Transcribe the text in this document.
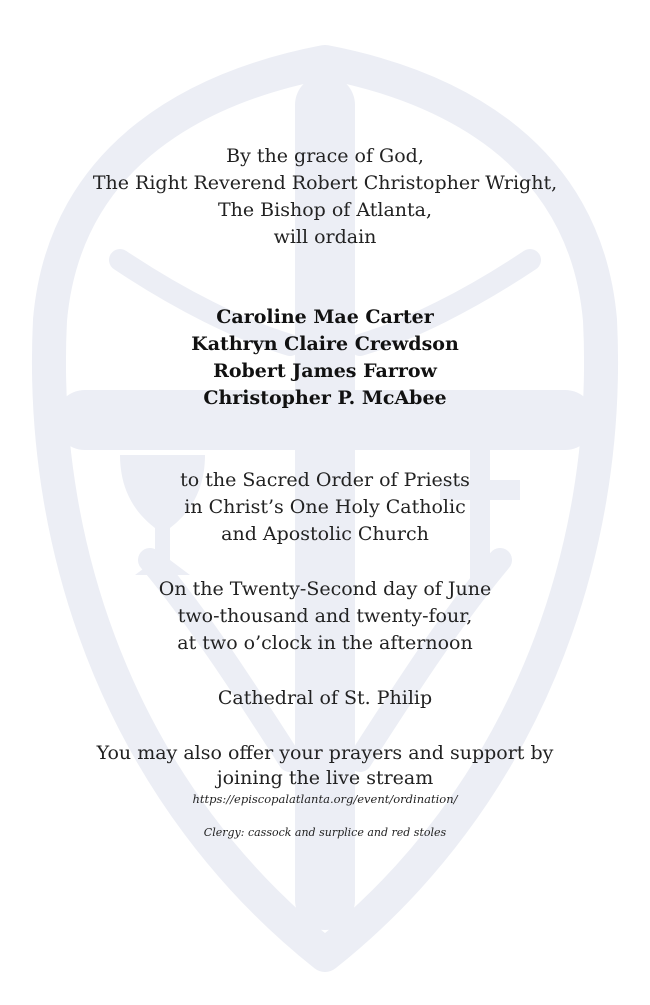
By the grace of God,
The Right Reverend Robert Christopher Wright,
The Bishop of Atlanta,
will ordain
Caroline Mae Carter
Kathryn Claire Crewdson
Robert James Farrow
Christopher P. McAbee
to the Sacred Order of Priests
in Christ’s One Holy Catholic
and Apostolic Church
On the Twenty-Second day of June
two-thousand and twenty-four,
at two o’clock in the afternoon
Cathedral of St. Philip
You may also offer your prayers and support by
joining the live stream
https://episcopalatlanta.org/event/ordination/
Clergy: cassock and surplice and red stoles
